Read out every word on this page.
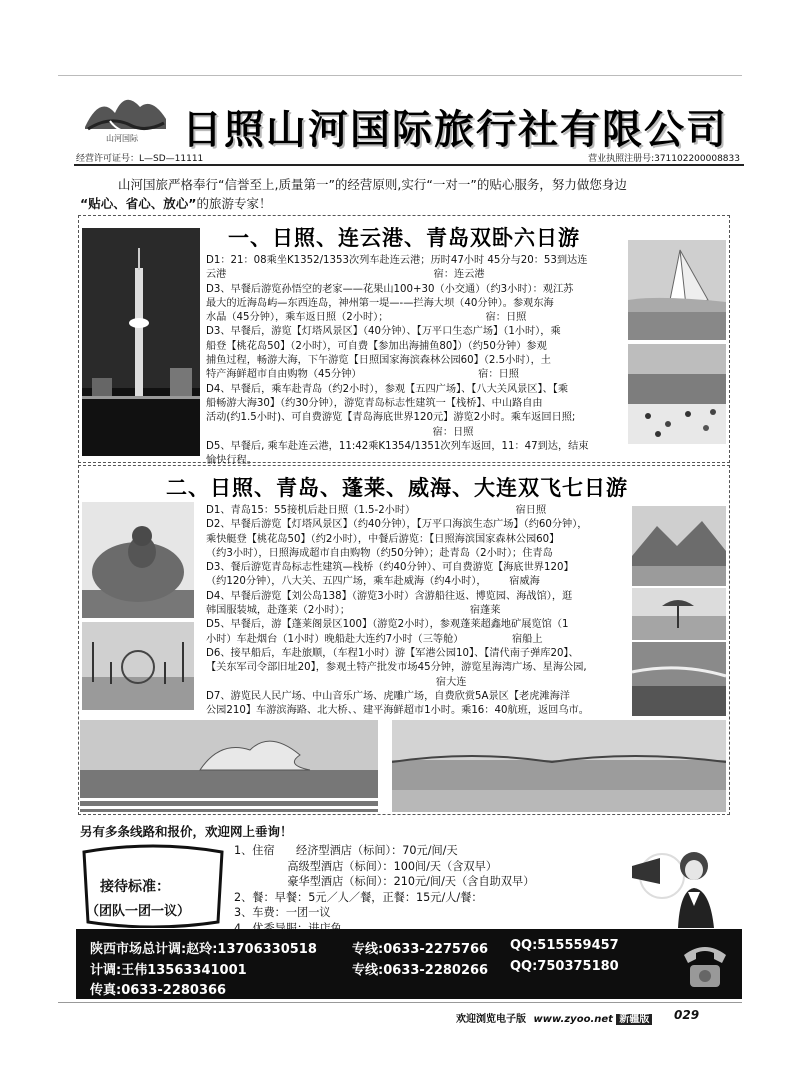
山河国际 日照山河国际旅行社有限公司
经营许可证号：L—SD—11111	营业执照注册号:371102200008833
山河国旅严格奉行“信誉至上,质量第一”的经营原则,实行“一对一”的贴心服务，努力做您身边
“贴心、省心、放心”的旅游专家！
一、日照、连云港、青岛双卧六日游

D1：21：08乘坐K1352/1353次列车赴连云港；历时47小时 45分与20：53到达连

云港                                                                宿：连云港

D3、早餐后游览孙悟空的老家——花果山100+30（小交通）（约3小时）：观江苏

最大的近海岛屿—东西连岛，神州第一堤—-—拦海大坝（40分钟）。参观东海

水晶（45分钟），乘车返日照（2小时）；                              宿：日照

D3、早餐后，游览【灯塔风景区】（40分钟）、【万平口生态广场】（1小时），乘

船登【桃花岛50】（2小时），可自费【参加出海捕鱼80】）（约50分钟）参观

捕鱼过程，畅游大海，下午游览【日照国家海滨森林公园60】（2.5小时），土

特产海鲜超市自由购物（45分钟）                                    宿：日照

D4、早餐后，乘车赴青岛（约2小时），参观【五四广场】、【八大关风景区】、【乘

船畅游大海30】（约30分钟），游览青岛标志性建筑一【栈桥】、中山路自由

活动(约1.5小时)、可自费游览【青岛海底世界120元】游览2小时。乘车返回日照;

宿：日照

D5、早餐后, 乘车赴连云港，11:42乘K1354/1351次列车返回，11：47到达，结束

愉快行程。

二、日照、青岛、蓬莱、威海、大连双飞七日游

D1、青岛15：55接机后赴日照（1.5-2小时）                               宿日照

D2、早餐后游览【灯塔风景区】（约40分钟），【万平口海滨生态广场】（约60分钟），

乘快艇登【桃花岛50】（约2小时），中餐后游览：【日照海滨国家森林公园60】

（约3小时），日照海成超市自由购物（约50分钟）；赴青岛（2小时）；住青岛

D3、餐后游览青岛标志性建筑—栈桥（约40分钟）、可自费游览【海底世界120】

（约120分钟），八大关、五四广场，乘车赴威海（约4小时），       宿威海

D4、早餐后游览【刘公岛138】（游览3小时）含游船往返、博览园、海战馆），逛

韩国服装城，赴蓬莱（2小时）；                                     宿蓬莱

D5、早餐后，游【蓬莱阁景区100】（游览2小时），参观蓬莱超鑫地矿展览馆（1

小时）车赴烟台（1小时）晚船赴大连约7小时（三等舱）               宿船上

D6、接早船后，车赴旅顺，（车程1小时）游【军港公园10】、【清代南子弹库20】、

【关东军司令部旧址20】，参观土特产批发市场45分钟，游览星海湾广场、星海公园,

宿大连

D7、游览民人民广场、中山音乐广场、虎雕广场，自费欣赏5A景区【老虎滩海洋

公园210】车游滨海路、北大桥、、建平海鲜超市1小时。乘16：40航班，返回乌市。

另有多条线路和报价，欢迎网上垂询！
接待标准：
（团队一团一议）

1、住宿      经济型酒店（标间）：70元/间/天

高级型酒店（标间）：100间/天（含双早）

豪华型酒店（标间）：210元/间/天（含自助双早）

2、餐：早餐：5元／人／餐，正餐：15元/人/餐：

3、车费：一团一议

陕西市场总计调:赵玲:13706330518	专线:0633-2275766 QQ:515559457
计调:王伟13563341001	专线:0633-2280266 QQ:750375180
传真:0633-2280366
欢迎浏览电子版 www.zyoo.net 新疆版 029
